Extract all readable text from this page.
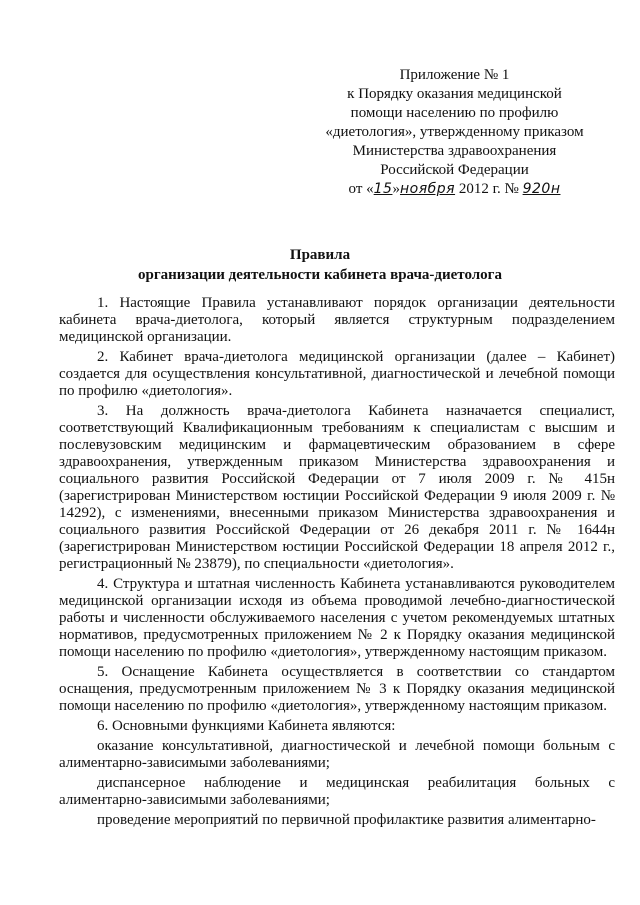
Приложение № 1
к Порядку оказания медицинской
помощи населению по профилю
«диетология», утвержденному приказом
Министерства здравоохранения
Российской Федерации
от «15»ноября 2012 г. № 920н
Правила
организации деятельности кабинета врача-диетолога

1. Настоящие Правила устанавливают порядок организации деятельности кабинета врача-диетолога, который является структурным подразделением медицинской организации.

2. Кабинет врача-диетолога медицинской организации (далее – Кабинет) создается для осуществления консультативной, диагностической и лечебной помощи по профилю «диетология».

3. На должность врача-диетолога Кабинета назначается специалист, соответствующий Квалификационным требованиям к специалистам с высшим и послевузовским медицинским и фармацевтическим образованием в сфере здравоохранения, утвержденным приказом Министерства здравоохранения и социального развития Российской Федерации от 7 июля 2009 г. № 415н (зарегистрирован Министерством юстиции Российской Федерации 9 июля 2009 г. № 14292), с изменениями, внесенными приказом Министерства здравоохранения и социального развития Российской Федерации от 26 декабря 2011 г. № 1644н (зарегистрирован Министерством юстиции Российской Федерации 18 апреля 2012 г., регистрационный № 23879), по специальности «диетология».

4. Структура и штатная численность Кабинета устанавливаются руководителем медицинской организации исходя из объема проводимой лечебно-диагностической работы и численности обслуживаемого населения с учетом рекомендуемых штатных нормативов, предусмотренных приложением № 2 к Порядку оказания медицинской помощи населению по профилю «диетология», утвержденному настоящим приказом.

5. Оснащение Кабинета осуществляется в соответствии со стандартом оснащения, предусмотренным приложением № 3 к Порядку оказания медицинской помощи населению по профилю «диетология», утвержденному настоящим приказом.

6. Основными функциями Кабинета являются:

оказание консультативной, диагностической и лечебной помощи больным с алиментарно-зависимыми заболеваниями;

диспансерное наблюдение и медицинская реабилитация больных с алиментарно-зависимыми заболеваниями;

проведение мероприятий по первичной профилактике развития алиментарно-
